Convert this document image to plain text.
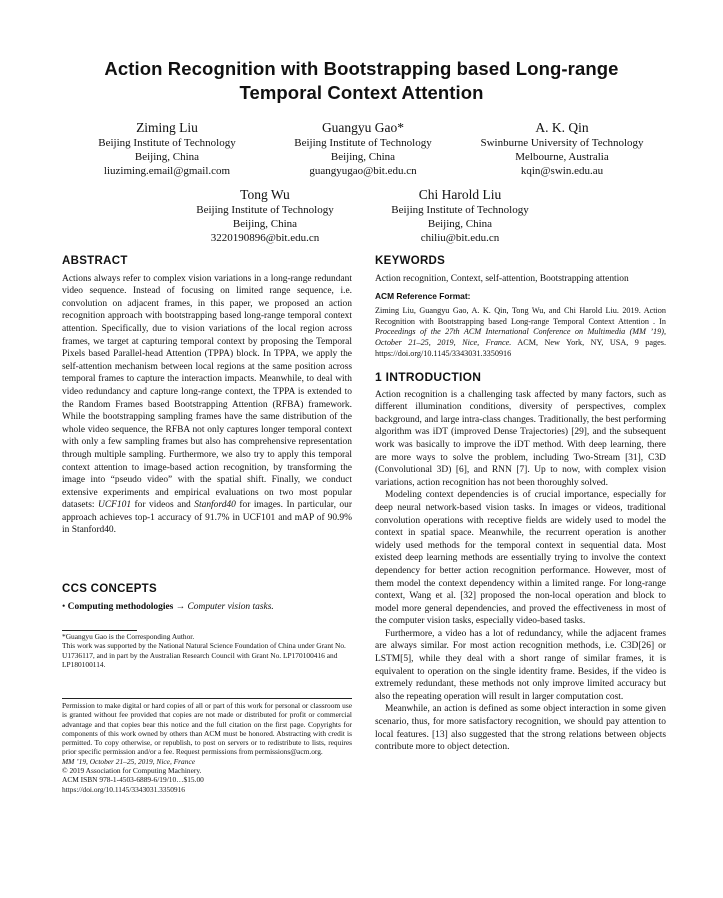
Action Recognition with Bootstrapping based Long-range
Temporal Context Attention
Ziming Liu
Beijing Institute of Technology
Beijing, China
liuziming.email@gmail.com
Guangyu Gao*
Beijing Institute of Technology
Beijing, China
guangyugao@bit.edu.cn
A. K. Qin
Swinburne University of Technology
Melbourne, Australia
kqin@swin.edu.au
Tong Wu
Beijing Institute of Technology
Beijing, China
3220190896@bit.edu.cn
Chi Harold Liu
Beijing Institute of Technology
Beijing, China
chiliu@bit.edu.cn
ABSTRACT

Actions always refer to complex vision variations in a long-range redundant video sequence. Instead of focusing on limited range sequence, i.e. convolution on adjacent frames, in this paper, we proposed an action recognition approach with bootstrapping based long-range temporal context attention. Specifically, due to vision variations of the local region across frames, we target at capturing temporal context by proposing the Temporal Pixels based Parallel-head Attention (TPPA) block. In TPPA, we apply the self-attention mechanism between local regions at the same position across temporal frames to capture the interaction impacts. Meanwhile, to deal with video redundancy and capture long-range context, the TPPA is extended to the Random Frames based Bootstrapping Attention (RFBA) framework. While the bootstrapping sampling frames have the same distribution of the whole video sequence, the RFBA not only captures longer temporal context with only a few sampling frames but also has comprehensive representation through multiple sampling. Furthermore, we also try to apply this temporal context attention to image-based action recognition, by transforming the image into “pseudo video” with the spatial shift. Finally, we conduct extensive experiments and empirical evaluations on two most popular datasets: UCF101 for videos and Stanford40 for images. In particular, our approach achieves top-1 accuracy of 91.7% in UCF101 and mAP of 90.9% in Stanford40.

CCS CONCEPTS

• Computing methodologies → Computer vision tasks.

*Guangyu Gao is the Corresponding Author.
This work was supported by the National Natural Science Foundation of China under Grant No. U1736117, and in part by the Australian Research Council with Grant No. LP170100416 and LP180100114.
Permission to make digital or hard copies of all or part of this work for personal or classroom use is granted without fee provided that copies are not made or distributed for profit or commercial advantage and that copies bear this notice and the full citation on the first page. Copyrights for components of this work owned by others than ACM must be honored. Abstracting with credit is permitted. To copy otherwise, or republish, to post on servers or to redistribute to lists, requires prior specific permission and/or a fee. Request permissions from permissions@acm.org.
MM ’19, October 21–25, 2019, Nice, France
© 2019 Association for Computing Machinery.
ACM ISBN 978-1-4503-6889-6/19/10…$15.00
https://doi.org/10.1145/3343031.3350916
KEYWORDS

Action recognition, Context, self-attention, Bootstrapping attention

ACM Reference Format:

Ziming Liu, Guangyu Gao, A. K. Qin, Tong Wu, and Chi Harold Liu. 2019. Action Recognition with Bootstrapping based Long-range Temporal Context Attention . In Proceedings of the 27th ACM International Conference on Multimedia (MM ’19), October 21–25, 2019, Nice, France. ACM, New York, NY, USA, 9 pages. https://doi.org/10.1145/3343031.3350916

1 INTRODUCTION

Action recognition is a challenging task affected by many factors, such as different illumination conditions, diversity of perspectives, complex background, and large intra-class changes. Traditionally, the best performing algorithm was iDT (improved Dense Trajectories) [29], and the subsequent work was basically to improve the iDT method. With deep learning, there are more ways to solve the problem, including Two-Stream [31], C3D (Convolutional 3D) [6], and RNN [7]. Up to now, with complex vision variations, action recognition has not been thoroughly solved.

Modeling context dependencies is of crucial importance, especially for deep neural network-based vision tasks. In images or videos, traditional convolution operations with receptive fields are widely used to model the context in spatial space. Meanwhile, the recurrent operation is another widely used methods for the temporal context in sequential data. Most existed deep learning methods are essentially trying to involve the context dependency for better action recognition performance. However, most of them model the context dependency within a limited range. For long-range context, Wang et al. [32] proposed the non-local operation and block to model more general dependencies, and proved the effectiveness in most of the computer vision tasks, especially video-based tasks.

Furthermore, a video has a lot of redundancy, while the adjacent frames are always similar. For most action recognition methods, i.e. C3D[26] or LSTM[5], while they deal with a short range of similar frames, it is equivalent to operation on the single identity frame. Besides, if the video is extremely redundant, these methods not only improve limited accuracy but also the repeating operation will result in larger computation cost.

Meanwhile, an action is defined as some object interaction in some given scenario, thus, for more satisfactory recognition, we should pay attention to local features. [13] also suggested that the strong relations between objects contribute more to object detection.
